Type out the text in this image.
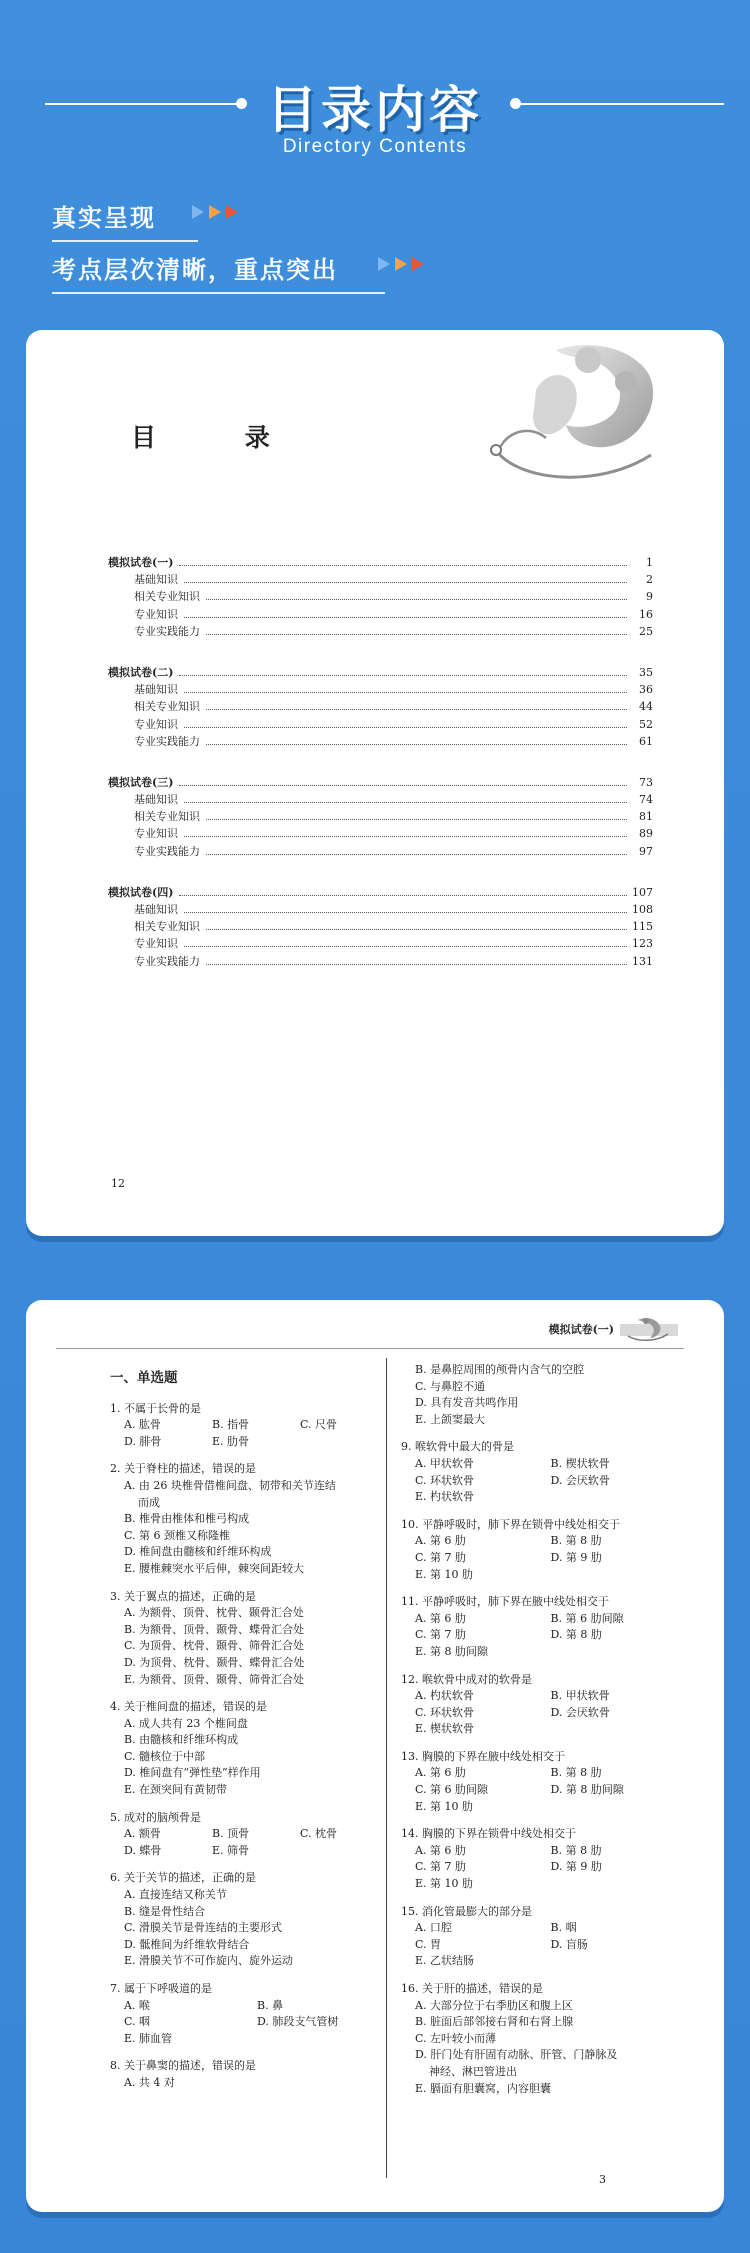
目录内容
Directory Contents
真实呈现
考点层次清晰，重点突出
目 录
模拟试卷(一)	1
基础知识	2
相关专业知识	9
专业知识	16
专业实践能力	25
模拟试卷(二)	35
基础知识	36
相关专业知识	44
专业知识	52
专业实践能力	61
模拟试卷(三)	73
基础知识	74
相关专业知识	81
专业知识	89
专业实践能力	97
模拟试卷(四)	107
基础知识	108
相关专业知识	115
专业知识	123
专业实践能力	131
12
模拟试卷(一)
一、单选题
1. 不属于长骨的是
A. 肱骨	B. 指骨	C. 尺骨
D. 腓骨	E. 肋骨
2. 关于脊柱的描述，错误的是
A. 由 26 块椎骨借椎间盘、韧带和关节连结
而成
B. 椎骨由椎体和椎弓构成
C. 第 6 颈椎又称隆椎
D. 椎间盘由髓核和纤维环构成
E. 腰椎棘突水平后伸，棘突间距较大
3. 关于翼点的描述，正确的是
A. 为额骨、顶骨、枕骨、颞骨汇合处
B. 为额骨、顶骨、颞骨、蝶骨汇合处
C. 为顶骨、枕骨、颞骨、筛骨汇合处
D. 为顶骨、枕骨、颞骨、蝶骨汇合处
E. 为额骨、顶骨、颞骨、筛骨汇合处
4. 关于椎间盘的描述，错误的是
A. 成人共有 23 个椎间盘
B. 由髓核和纤维环构成
C. 髓核位于中部
D. 椎间盘有“弹性垫”样作用
E. 在颈突间有黄韧带
5. 成对的脑颅骨是
A. 额骨	B. 顶骨	C. 枕骨
D. 蝶骨	E. 筛骨
6. 关于关节的描述，正确的是
A. 直接连结又称关节
B. 缝是骨性结合
C. 滑膜关节是骨连结的主要形式
D. 骶椎间为纤维软骨结合
E. 滑膜关节不可作旋内、旋外运动
7. 属于下呼吸道的是
A. 喉	B. 鼻
C. 咽	D. 肺段支气管树
E. 肺血管
8. 关于鼻窦的描述，错误的是
A. 共 4 对
B. 是鼻腔周围的颅骨内含气的空腔
C. 与鼻腔不通
D. 具有发音共鸣作用
E. 上颌窦最大
9. 喉软骨中最大的骨是
A. 甲状软骨	B. 楔状软骨
C. 环状软骨	D. 会厌软骨
E. 杓状软骨
10. 平静呼吸时，肺下界在锁骨中线处相交于
A. 第 6 肋	B. 第 8 肋
C. 第 7 肋	D. 第 9 肋
E. 第 10 肋
11. 平静呼吸时，肺下界在腋中线处相交于
A. 第 6 肋	B. 第 6 肋间隙
C. 第 7 肋	D. 第 8 肋
E. 第 8 肋间隙
12. 喉软骨中成对的软骨是
A. 杓状软骨	B. 甲状软骨
C. 环状软骨	D. 会厌软骨
E. 楔状软骨
13. 胸膜的下界在腋中线处相交于
A. 第 6 肋	B. 第 8 肋
C. 第 6 肋间隙	D. 第 8 肋间隙
E. 第 10 肋
14. 胸膜的下界在锁骨中线处相交于
A. 第 6 肋	B. 第 8 肋
C. 第 7 肋	D. 第 9 肋
E. 第 10 肋
15. 消化管最膨大的部分是
A. 口腔	B. 咽
C. 胃	D. 盲肠
E. 乙状结肠
16. 关于肝的描述，错误的是
A. 大部分位于右季肋区和腹上区
B. 脏面后部邻接右肾和右肾上腺
C. 左叶较小而薄
D. 肝门处有肝固有动脉、肝管、门静脉及
神经、淋巴管进出
E. 膈面有胆囊窝，内容胆囊
3
